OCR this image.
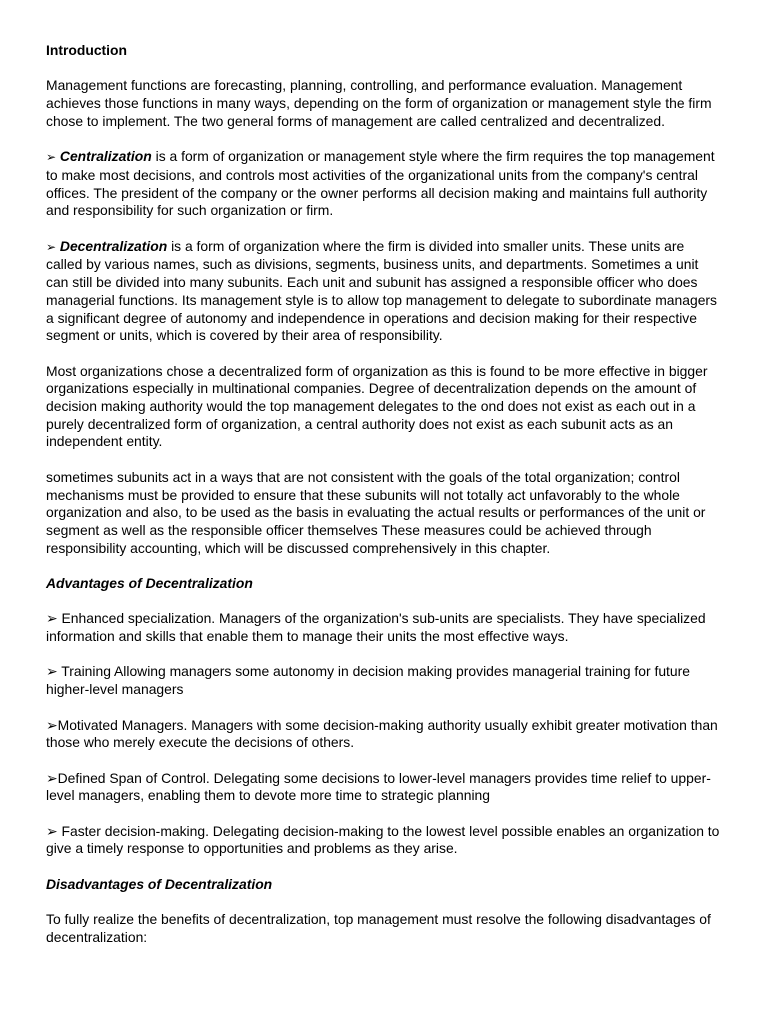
Introduction

Management functions are forecasting, planning, controlling, and performance evaluation. Management achieves those functions in many ways, depending on the form of organization or management style the firm chose to implement. The two general forms of management are called centralized and decentralized.

➢ Centralization is a form of organization or management style where the firm requires the top management to make most decisions, and controls most activities of the organizational units from the company's central offices. The president of the company or the owner performs all decision making and maintains full authority and responsibility for such organization or firm.

➢ Decentralization is a form of organization where the firm is divided into smaller units. These units are called by various names, such as divisions, segments, business units, and departments. Sometimes a unit can still be divided into many subunits. Each unit and subunit has assigned a responsible officer who does managerial functions. Its management style is to allow top management to delegate to subordinate managers a significant degree of autonomy and independence in operations and decision making for their respective segment or units, which is covered by their area of responsibility.

Most organizations chose a decentralized form of organization as this is found to be more effective in bigger organizations especially in multinational companies. Degree of decentralization depends on the amount of decision making authority would the top management delegates to the ond does not exist as each out in a purely decentralized form of organization, a central authority does not exist as each subunit acts as an independent entity.

sometimes subunits act in a ways that are not consistent with the goals of the total organization; control mechanisms must be provided to ensure that these subunits will not totally act unfavorably to the whole organization and also, to be used as the basis in evaluating the actual results or performances of the unit or segment as well as the responsible officer themselves These measures could be achieved through responsibility accounting, which will be discussed comprehensively in this chapter.

Advantages of Decentralization

➢ Enhanced specialization. Managers of the organization's sub-units are specialists. They have specialized information and skills that enable them to manage their units the most effective ways.

➢ Training Allowing managers some autonomy in decision making provides managerial training for future higher-level managers

➢Motivated Managers. Managers with some decision-making authority usually exhibit greater motivation than those who merely execute the decisions of others.

➢Defined Span of Control. Delegating some decisions to lower-level managers provides time relief to upper-level managers, enabling them to devote more time to strategic planning

➢ Faster decision-making. Delegating decision-making to the lowest level possible enables an organization to give a timely response to opportunities and problems as they arise.

Disadvantages of Decentralization

To fully realize the benefits of decentralization, top management must resolve the following disadvantages of decentralization:
